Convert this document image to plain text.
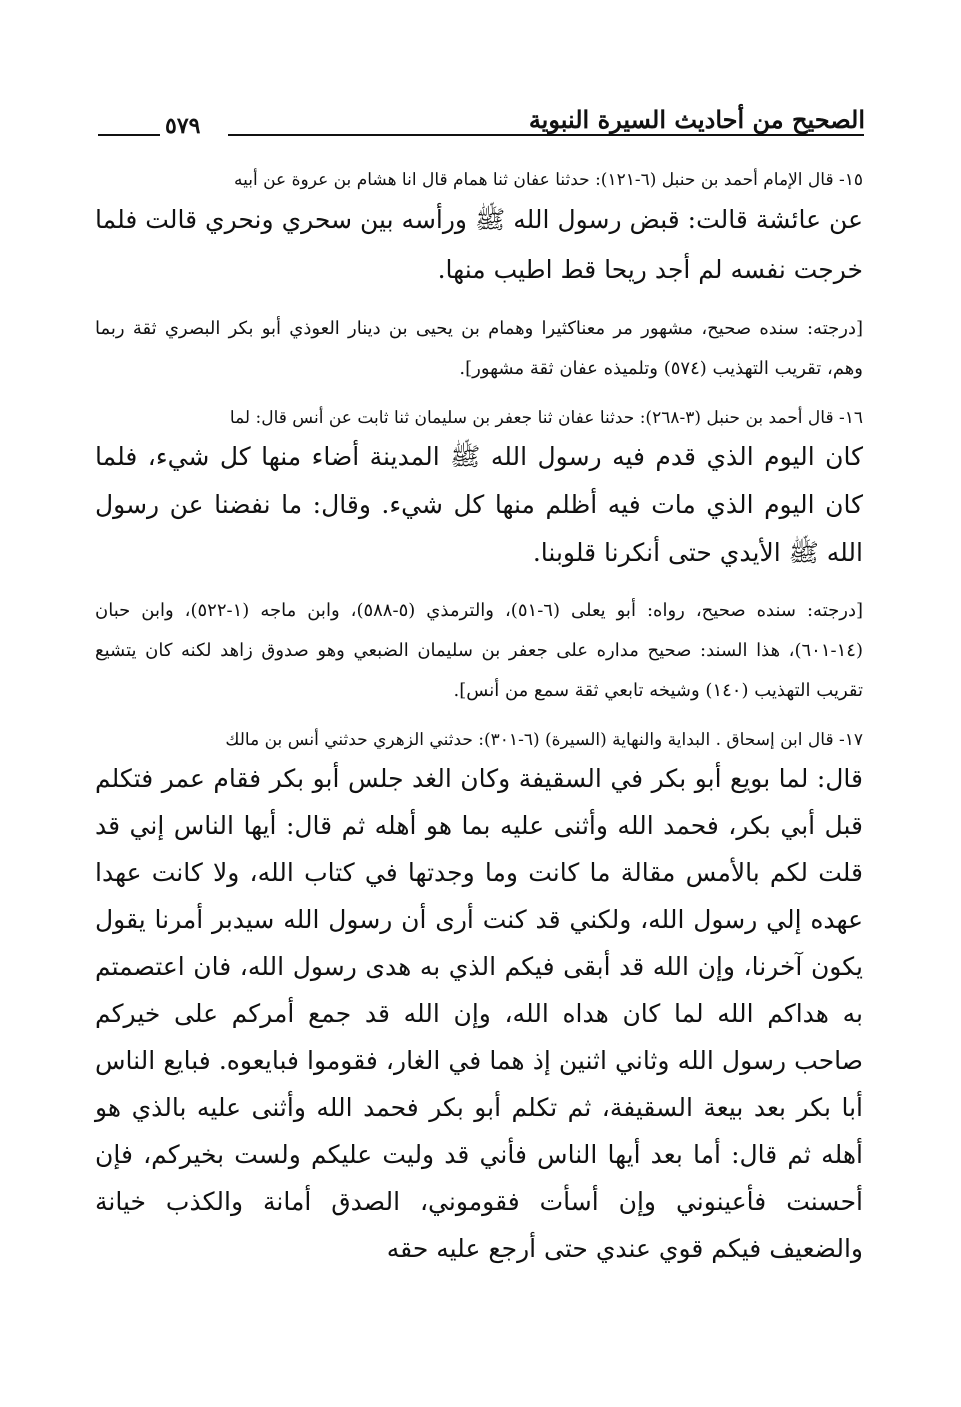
الصحيح من أحاديث السيرة النبوية
٥٧٩
١٥- قال الإمام أحمد بن حنبل (٦-١٢١): حدثنا عفان ثنا همام قال انا هشام بن عروة عن أبيه
عن عائشة قالت: قبض رسول الله ﷺ ورأسه بين سحري ونحري قالت فلما خرجت نفسه لم أجد ريحا قط اطيب منها.
[درجته: سنده صحيح، مشهور مر معناكثيرا وهمام بن يحيى بن دينار العوذي أبو بكر البصري ثقة ربما وهم، تقريب التهذيب (٥٧٤) وتلميذه عفان ثقة مشهور].
١٦- قال أحمد بن حنبل (٣-٢٦٨): حدثنا عفان ثنا جعفر بن سليمان ثنا ثابت عن أنس قال: لما
كان اليوم الذي قدم فيه رسول الله ﷺ المدينة أضاء منها كل شيء، فلما كان اليوم الذي مات فيه أظلم منها كل شيء. وقال: ما نفضنا عن رسول الله ﷺ الأيدي حتى أنكرنا قلوبنا.
[درجته: سنده صحيح، رواه: أبو يعلى (٦-٥١)، والترمذي (٥-٥٨٨)، وابن ماجه (١-٥٢٢)، وابن حبان (١٤-٦٠١)، هذا السند: صحيح مداره على جعفر بن سليمان الضبعي وهو صدوق زاهد لكنه كان يتشيع تقريب التهذيب (١٤٠) وشيخه تابعي ثقة سمع من أنس].
١٧- قال ابن إسحاق . البداية والنهاية (السيرة) (٦-٣٠١): حدثني الزهري حدثني أنس بن مالك
قال: لما بويع أبو بكر في السقيفة وكان الغد جلس أبو بكر فقام عمر فتكلم قبل أبي بكر، فحمد الله وأثنى عليه بما هو أهله ثم قال: أيها الناس إني قد قلت لكم بالأمس مقالة ما كانت وما وجدتها في كتاب الله، ولا كانت عهدا عهده إلي رسول الله، ولكني قد كنت أرى أن رسول الله سيدبر أمرنا يقول يكون آخرنا، وإن الله قد أبقى فيكم الذي به هدى رسول الله، فان اعتصمتم به هداكم الله لما كان هداه الله، وإن الله قد جمع أمركم على خيركم صاحب رسول الله وثاني اثنين إذ هما في الغار، فقوموا فبايعوه. فبايع الناس أبا بكر بعد بيعة السقيفة، ثم تكلم أبو بكر فحمد الله وأثنى عليه بالذي هو أهله ثم قال: أما بعد أيها الناس فأني قد وليت عليكم ولست بخيركم، فإن أحسنت فأعينوني وإن أسأت فقوموني، الصدق أمانة والكذب خيانة والضعيف فيكم قوي عندي حتى أرجع عليه حقه
